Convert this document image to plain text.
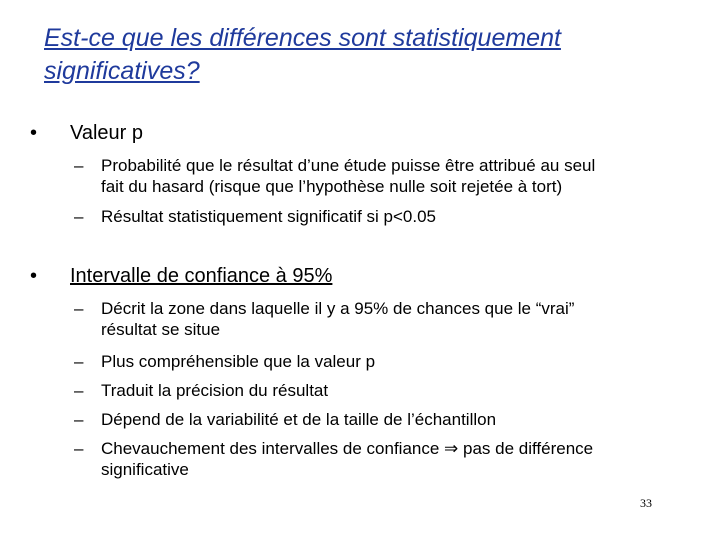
Est-ce que les différences sont statistiquement significatives?
•	Valeur p
–	Probabilité que le résultat d’une étude puisse être attribué au seul
fait du hasard (risque que l’hypothèse nulle soit rejetée à tort)
–	Résultat statistiquement significatif si p<0.05
•	Intervalle de confiance à 95%
–	Décrit la zone dans laquelle il y a 95% de chances que le “vrai”
résultat se situe
–	Plus compréhensible que la valeur p
–	Traduit la précision du résultat
–	Dépend de la variabilité et de la taille de l’échantillon
–	Chevauchement des intervalles de confiance ⇒ pas de différence
significative
33
